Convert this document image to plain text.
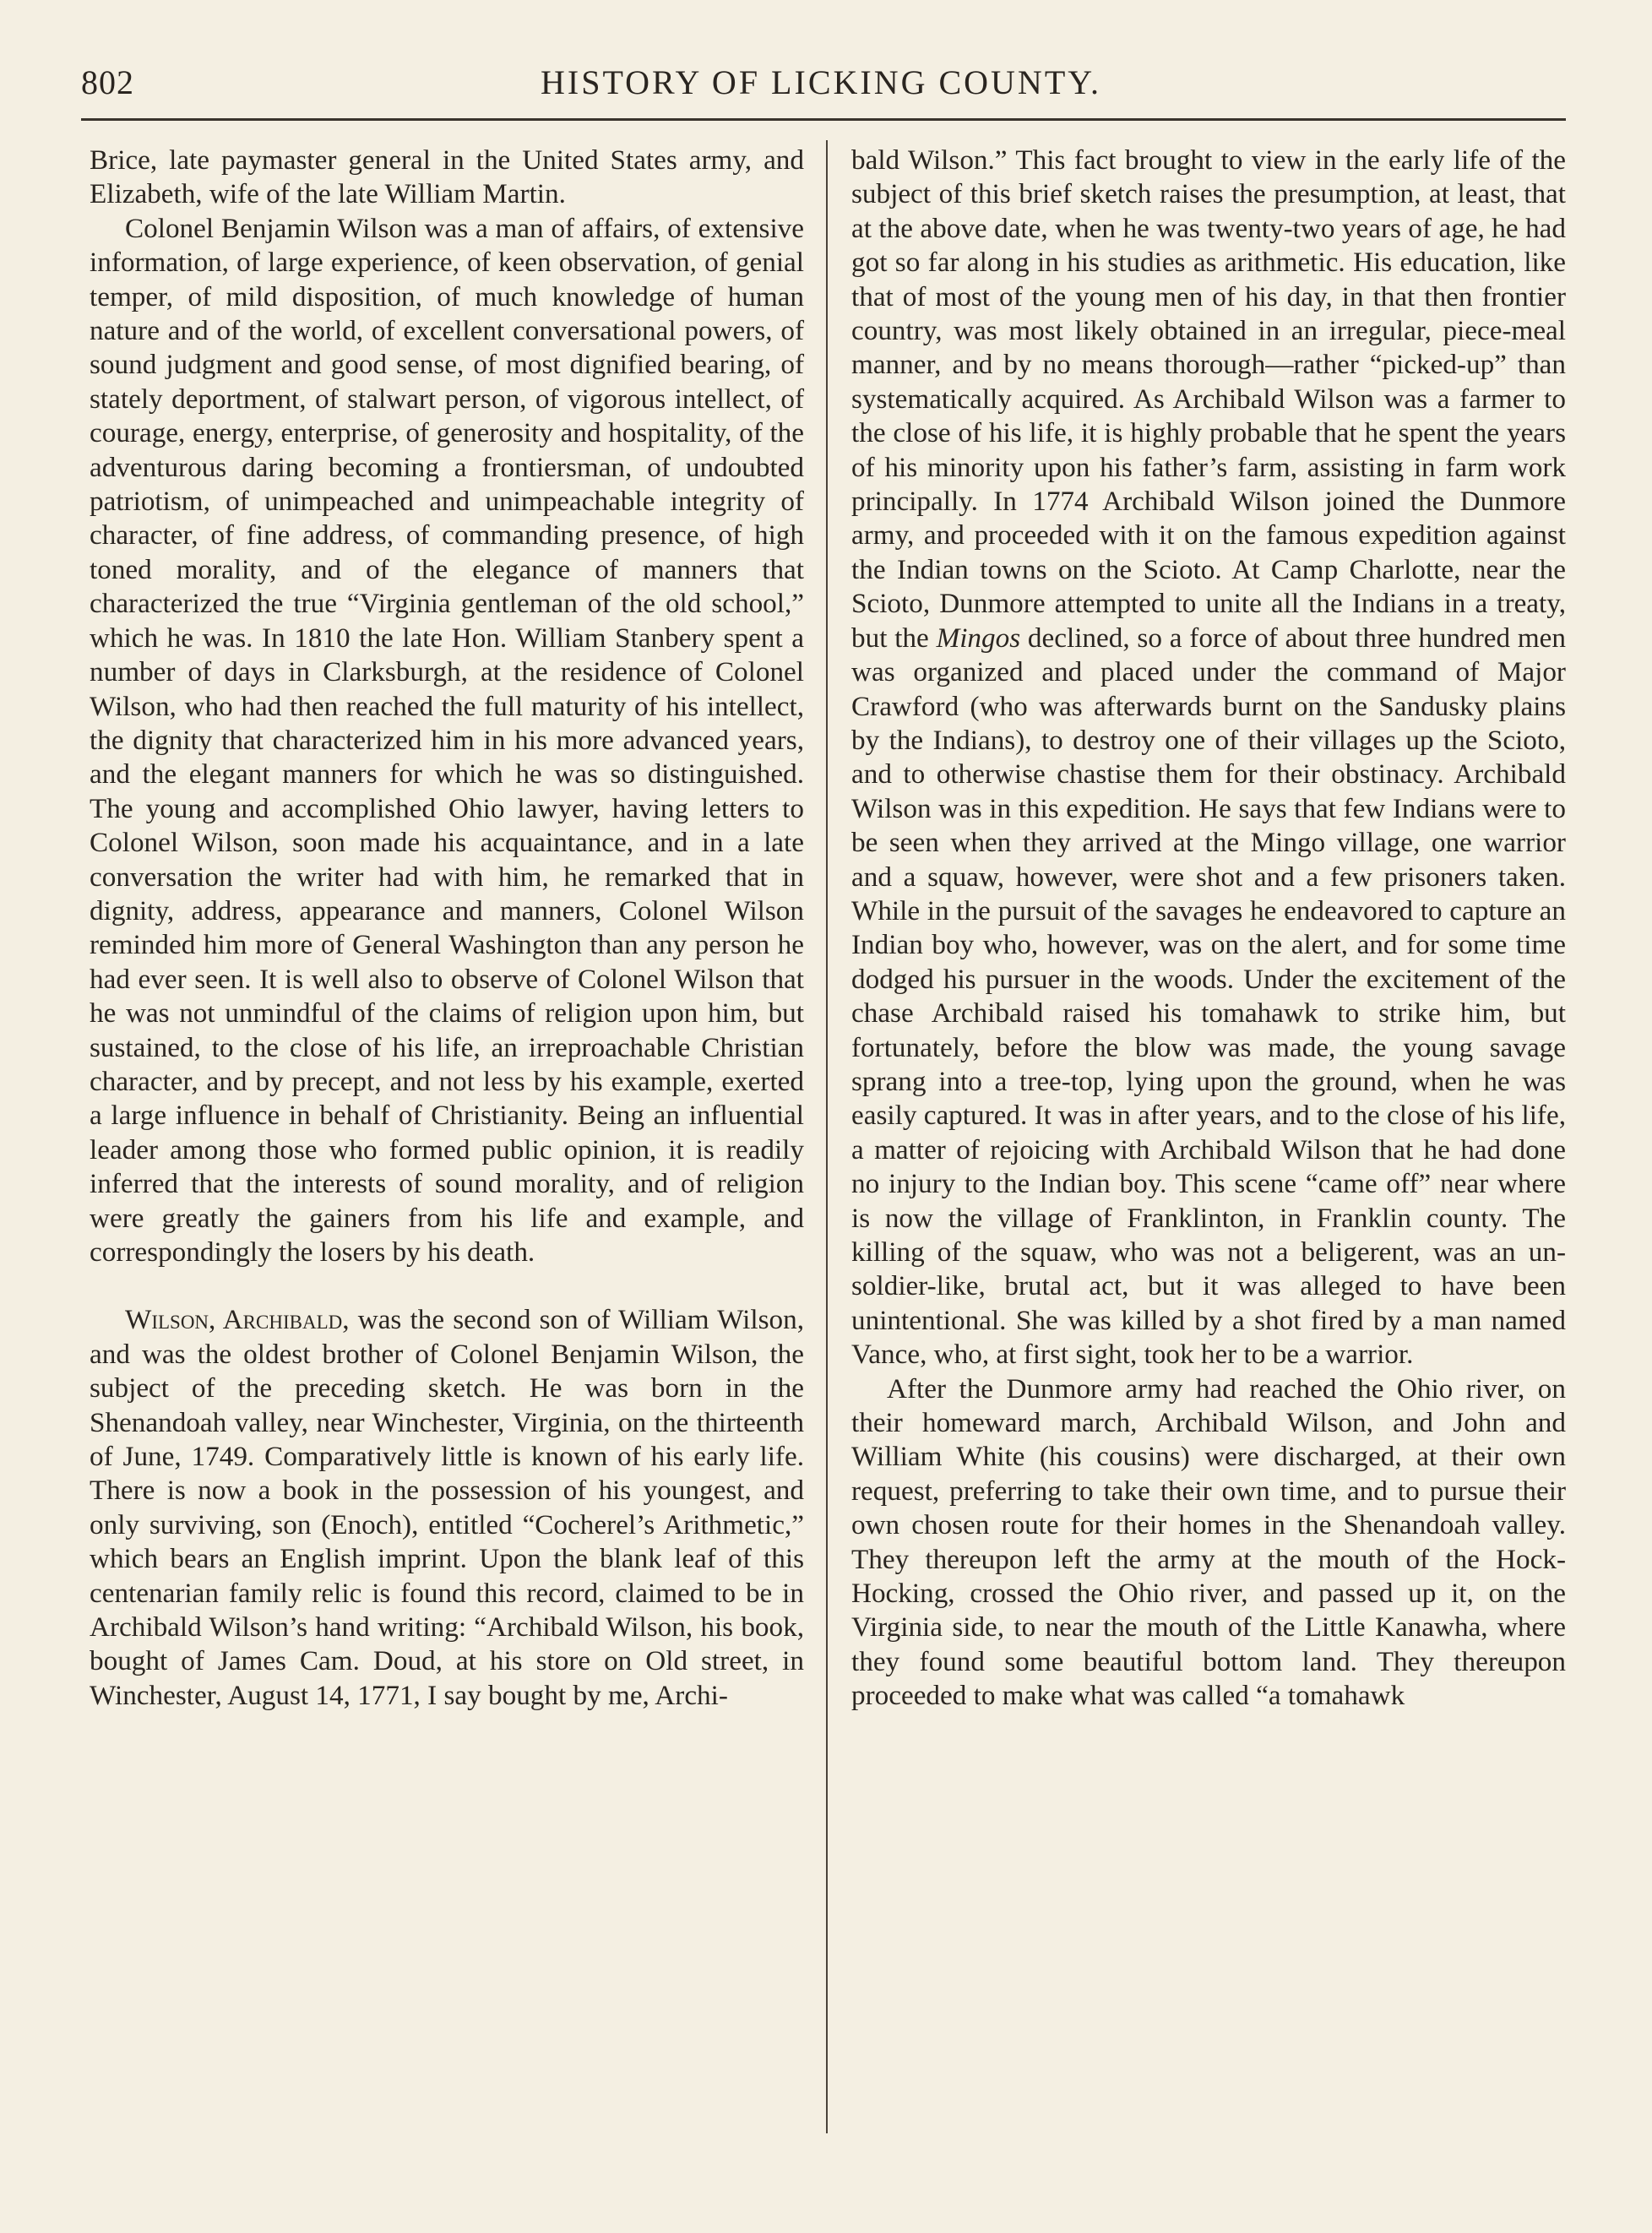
802	HISTORY OF LICKING COUNTY.

Brice, late paymaster general in the United States army, and Elizabeth, wife of the late William Martin.

Colonel Benjamin Wilson was a man of affairs, of extensive information, of large experience, of keen observation, of genial temper, of mild disposition, of much knowledge of human nature and of the world, of excellent conversational powers, of sound judgment and good sense, of most dignified bearing, of stately deportment, of stalwart person, of vigorous intellect, of courage, energy, enterprise, of generosity and hospitality, of the adventurous daring becoming a frontiersman, of undoubted patriotism, of unimpeached and unimpeachable integrity of character, of fine address, of commanding presence, of high toned morality, and of the elegance of manners that characterized the true “Virginia gentleman of the old school,” which he was. In 1810 the late Hon. William Stanbery spent a number of days in Clarksburgh, at the residence of Colonel Wilson, who had then reached the full maturity of his intellect, the dignity that characterized him in his more advanced years, and the elegant manners for which he was so distinguished. The young and accomplished Ohio lawyer, having letters to Colonel Wilson, soon made his acquaintance, and in a late conversation the writer had with him, he remarked that in dignity, address, appearance and manners, Colonel Wilson reminded him more of General Washington than any person he had ever seen. It is well also to observe of Colonel Wilson that he was not unmindful of the claims of religion upon him, but sustained, to the close of his life, an irreproachable Christian character, and by precept, and not less by his example, exerted a large influence in behalf of Christianity. Being an influential leader among those who formed public opinion, it is readily inferred that the interests of sound morality, and of religion were greatly the gainers from his life and example, and correspondingly the losers by his death.

Wilson, Archibald, was the second son of William Wilson, and was the oldest brother of Colonel Benjamin Wilson, the subject of the preceding sketch. He was born in the Shenandoah valley, near Winchester, Virginia, on the thirteenth of June, 1749. Comparatively little is known of his early life. There is now a book in the possession of his youngest, and only surviving, son (Enoch), entitled “Cocherel’s Arithmetic,” which bears an English imprint. Upon the blank leaf of this centenarian family relic is found this record, claimed to be in Archibald Wilson’s hand writing: “Archibald Wilson, his book, bought of James Cam. Doud, at his store on Old street, in Winchester, August 14, 1771, I say bought by me, Archi-

bald Wilson.” This fact brought to view in the early life of the subject of this brief sketch raises the presumption, at least, that at the above date, when he was twenty-two years of age, he had got so far along in his studies as arithmetic. His education, like that of most of the young men of his day, in that then frontier country, was most likely obtained in an irregular, piece-meal manner, and by no means thorough—rather “picked-up” than systematically acquired. As Archibald Wilson was a farmer to the close of his life, it is highly probable that he spent the years of his minority upon his father’s farm, assisting in farm work principally. In 1774 Archibald Wilson joined the Dunmore army, and proceeded with it on the famous expedition against the Indian towns on the Scioto. At Camp Charlotte, near the Scioto, Dunmore attempted to unite all the Indians in a treaty, but the Mingos declined, so a force of about three hundred men was organized and placed under the command of Major Crawford (who was afterwards burnt on the Sandusky plains by the Indians), to destroy one of their villages up the Scioto, and to otherwise chastise them for their obstinacy. Archibald Wilson was in this expedition. He says that few Indians were to be seen when they arrived at the Mingo village, one warrior and a squaw, however, were shot and a few prisoners taken. While in the pursuit of the savages he endeavored to capture an Indian boy who, however, was on the alert, and for some time dodged his pursuer in the woods. Under the excitement of the chase Archibald raised his tomahawk to strike him, but fortunately, before the blow was made, the young savage sprang into a tree-top, lying upon the ground, when he was easily captured. It was in after years, and to the close of his life, a matter of rejoicing with Archibald Wilson that he had done no injury to the Indian boy. This scene “came off” near where is now the village of Franklinton, in Franklin county. The killing of the squaw, who was not a beligerent, was an un-soldier-like, brutal act, but it was alleged to have been unintentional. She was killed by a shot fired by a man named Vance, who, at first sight, took her to be a warrior.

After the Dunmore army had reached the Ohio river, on their homeward march, Archibald Wilson, and John and William White (his cousins) were discharged, at their own request, preferring to take their own time, and to pursue their own chosen route for their homes in the Shenandoah valley. They thereupon left the army at the mouth of the Hock-Hocking, crossed the Ohio river, and passed up it, on the Virginia side, to near the mouth of the Little Kanawha, where they found some beautiful bottom land. They thereupon proceeded to make what was called “a tomahawk
